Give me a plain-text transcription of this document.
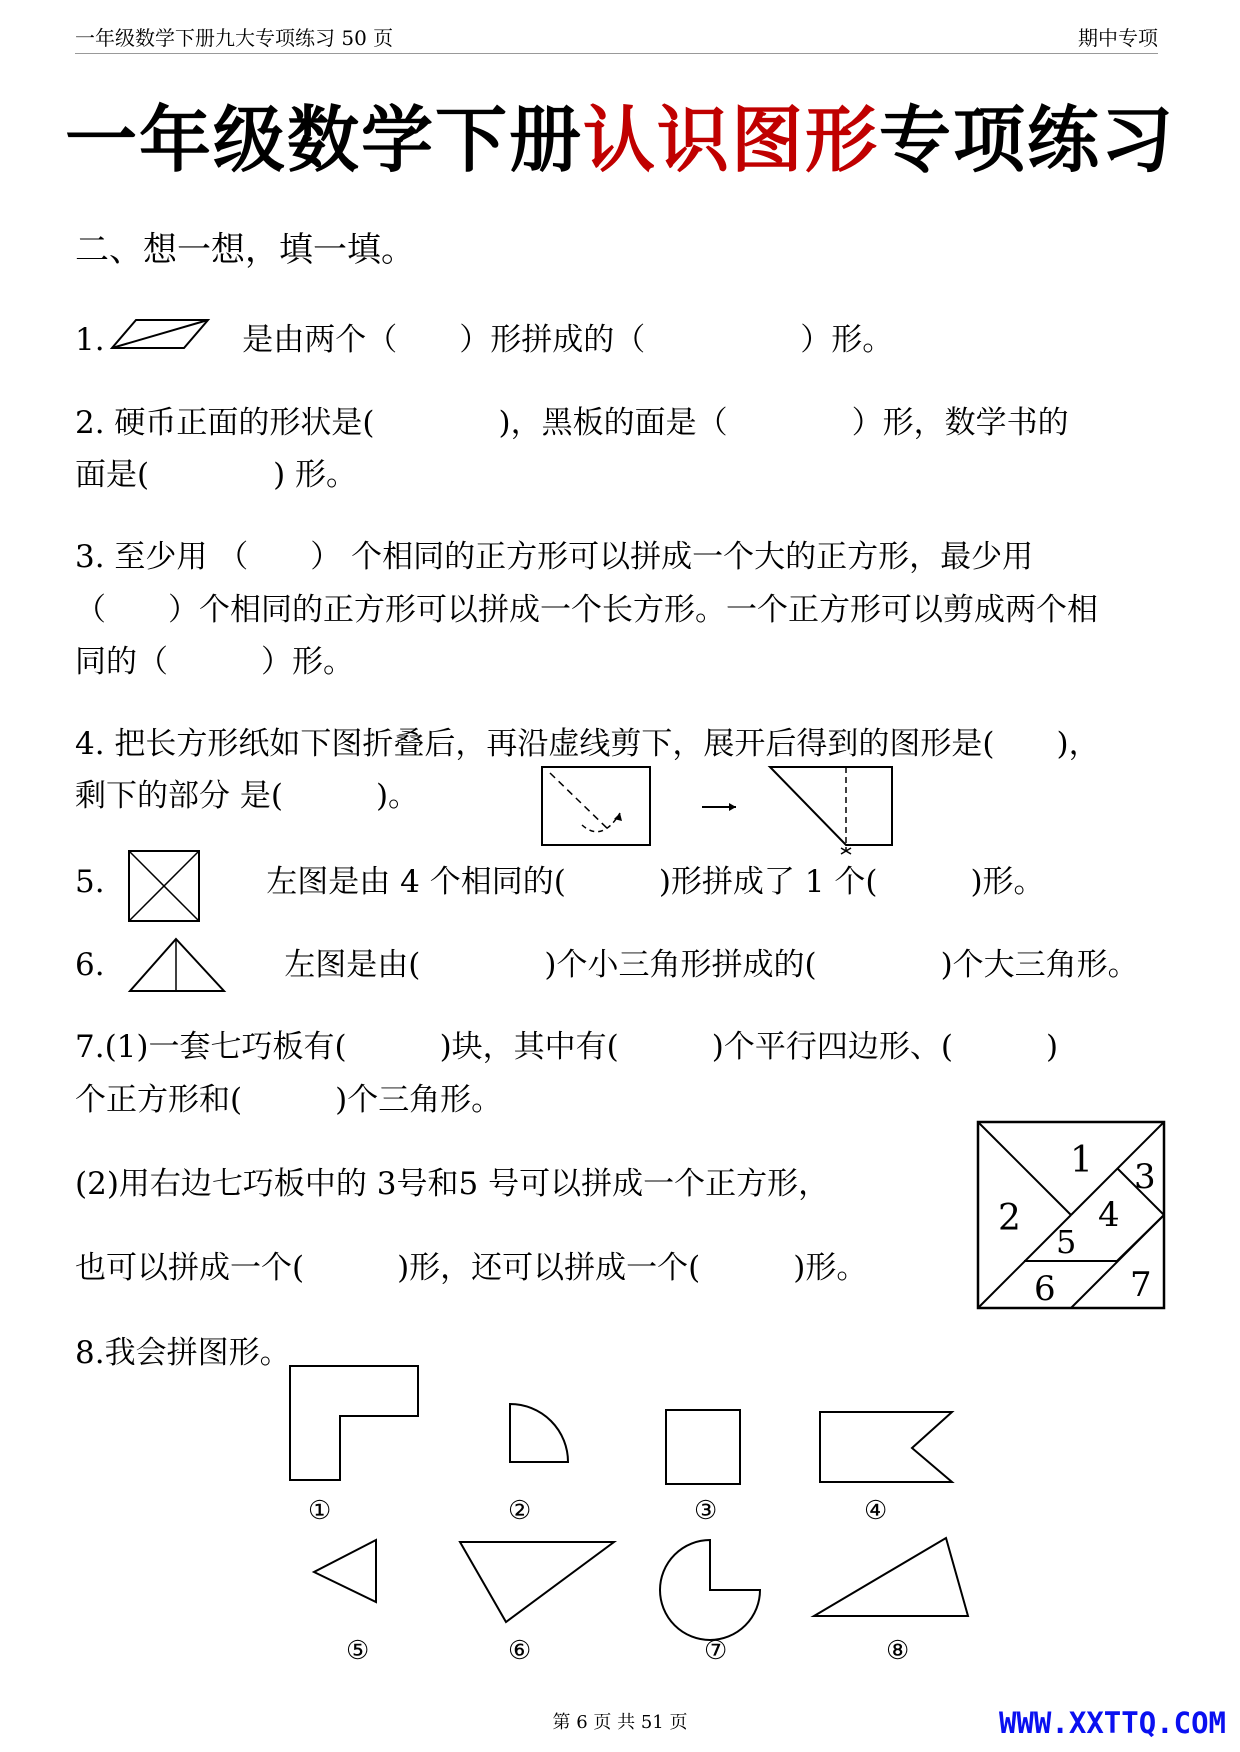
一年级数学下册九大专项练习 50 页	期中专项
一年级数学下册认识图形专项练习
二、想一想，填一填。
1.	是由两个（　　）形拼成的（　　　　　）形。
2. 硬币正面的形状是(　　　　)，黑板的面是（　　　　）形，数学书的
面是(　　　　) 形。
3. 至少用 （　　） 个相同的正方形可以拼成一个大的正方形，最少用
（　　）个相同的正方形可以拼成一个长方形。一个正方形可以剪成两个相
同的（　　　）形。
4. 把长方形纸如下图折叠后，再沿虚线剪下，展开后得到的图形是(　　)，
剩下的部分 是(　　　)。
5.	左图是由 4 个相同的(　　　)形拼成了 1 个(　　　)形。
6.	左图是由(　　　　)个小三角形拼成的(　　　　)个大三角形。
7.(1)一套七巧板有(　　　)块，其中有(　　　)个平行四边形、(　　　)
个正方形和(　　　)个三角形。
(2)用右边七巧板中的 3号和5 号可以拼成一个正方形，
也可以拼成一个(　　　)形，还可以拼成一个(　　　)形。
1
2
3
4
5
6 7
8.我会拼图形。
①	②	③	④
⑤	⑥	⑦	⑧
第 6 页 共 51 页	WWW.XXTTQ.COM
